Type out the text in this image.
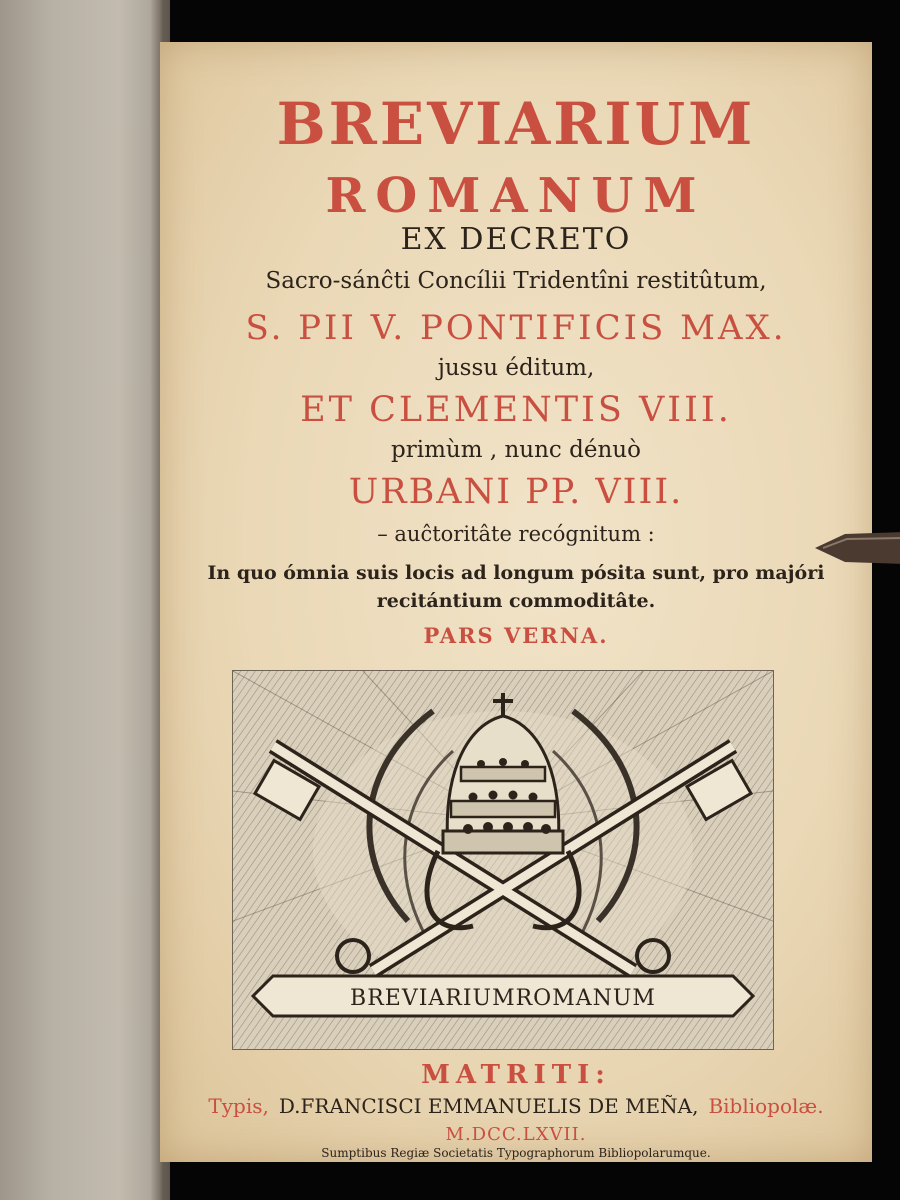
BREVIARIUM
ROMANUM
EX DECRETO
Sacro-sánĉti Concílii Tridentîni restitûtum,
S. PII V. PONTIFICIS MAX.
jussu éditum,
ET CLEMENTIS VIII.
primùm , nunc dénuò
URBANI PP. VIII.
– auĉtoritâte recógnitum :
In quo ómnia suis locis ad longum pósita sunt, pro majóri
recitántium commoditâte.
PARS VERNA.
BREVIARIUMROMANUM
MATRITI:
Typis, D.FRANCISCI EMMANUELIS DE MEÑA, Bibliopolæ.
M.DCC.LXVII.
Sumptibus Regiæ Societatis Typographorum Bibliopolarumque.
